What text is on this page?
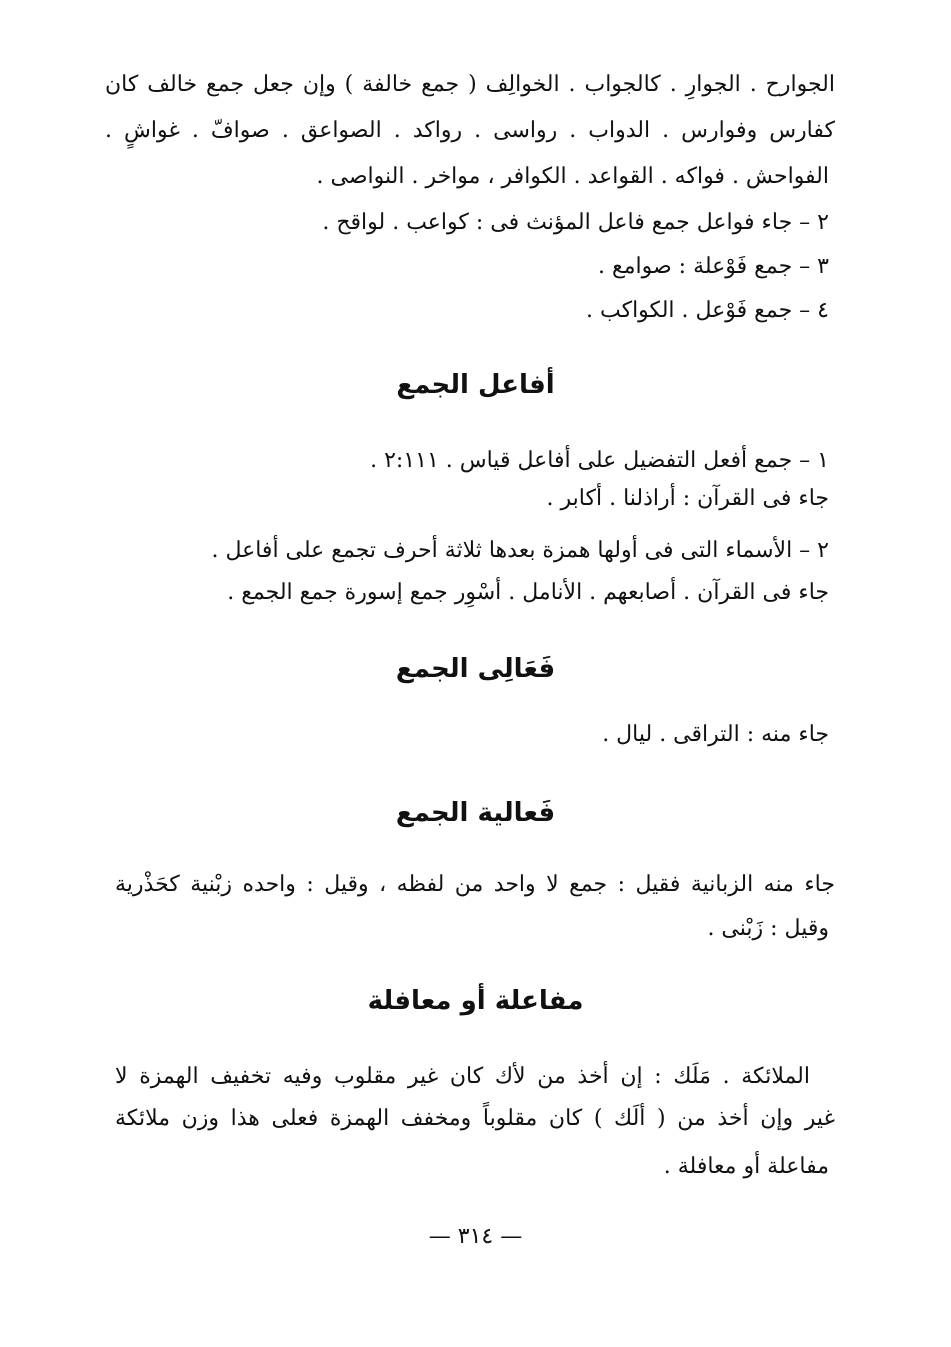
الجوارح . الجوارِ . كالجواب . الخوالِف ( جمع خالفة ) وإن جعل جمع خالف كان
كفارس وفوارس . الدواب . رواسى . رواكد . الصواعق . صوافّ . غواشٍ .
الفواحش . فواكه . القواعد . الكوافر ، مواخر . النواصى .
٢ – جاء فواعل جمع فاعل المؤنث فى : كواعب . لواقح .
٣ – جمع فَوْعلة : صوامع .
٤ – جمع فَوْعل . الكواكب .
أفاعل الجمع
١ – جمع أفعل التفضيل على أفاعل قياس . ٢:١١١ .
جاء فى القرآن : أراذلنا . أكابر .
٢ – الأسماء التى فى أولها همزة بعدها ثلاثة أحرف تجمع على أفاعل .
جاء فى القرآن . أصابعهم . الأنامل . أسْوِر جمع إسورة جمع الجمع .
فَعَالِى الجمع
جاء منه : التراقى . ليال .
فَعالية الجمع
جاء منه الزبانية فقيل : جمع لا واحد من لفظه ، وقيل : واحده زبْنية كحَذْرية
وقيل : زَبْنى .
مفاعلة أو معافلة
الملائكة . مَلَك : إن أخذ من لأك كان غير مقلوب وفيه تخفيف الهمزة لا
غير وإن أخذ من ( ألَك ) كان مقلوباً ومخفف الهمزة فعلى هذا وزن ملائكة
مفاعلة أو معافلة .
— ٣١٤ —
